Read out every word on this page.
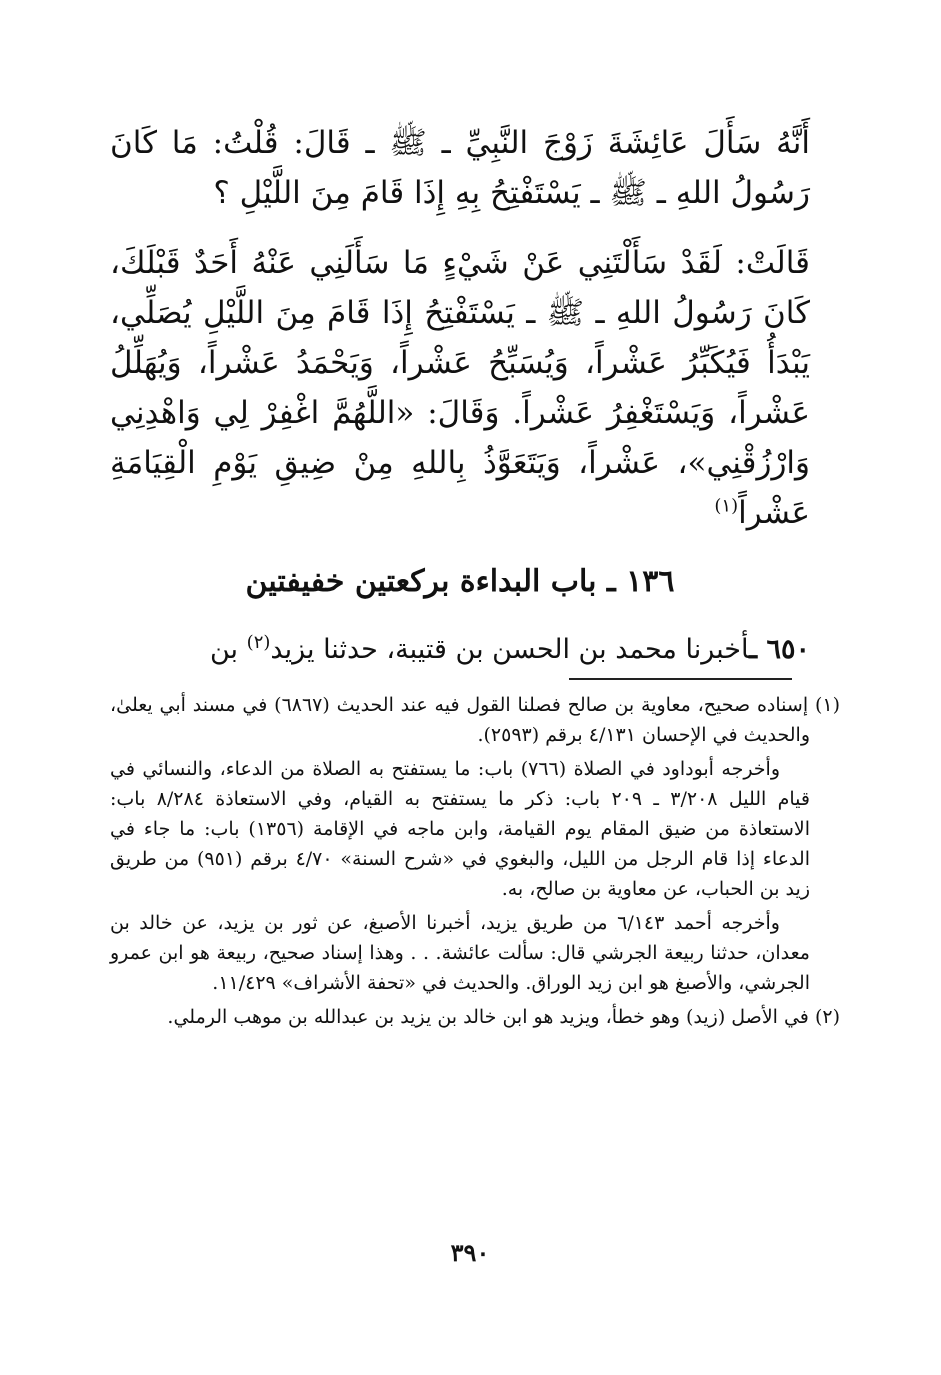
أَنَّهُ سَأَلَ عَائِشَةَ زَوْجَ النَّبِيِّ ـ ﷺ ـ قَالَ: قُلْتُ: مَا كَانَ رَسُولُ اللهِ ـ ﷺ ـ يَسْتَفْتِحُ بِهِ إِذَا قَامَ مِنَ اللَّيْلِ ؟
قَالَتْ: لَقَدْ سَأَلْتَنِي عَنْ شَيْءٍ مَا سَأَلَنِي عَنْهُ أَحَدٌ قَبْلَكَ، كَانَ رَسُولُ اللهِ ـ ﷺ ـ يَسْتَفْتِحُ إِذَا قَامَ مِنَ اللَّيْلِ يُصَلِّي، يَبْدَأُ فَيُكَبِّرُ عَشْراً، وَيُسَبِّحُ عَشْراً، وَيَحْمَدُ عَشْراً، وَيُهَلِّلُ عَشْراً، وَيَسْتَغْفِرُ عَشْراً. وَقَالَ: «اللَّهُمَّ اغْفِرْ لِي وَاهْدِنِي وَارْزُقْنِي»، عَشْراً، وَيَتَعَوَّذُ بِاللهِ مِنْ ضِيقِ يَوْمِ الْقِيَامَةِ عَشْراً$^{(١)}$
١٣٦ ـ باب البداءة بركعتين خفيفتين
٦٥٠ ـأخبرنا محمد بن الحسن بن قتيبة، حدثنا يزيد$^{(٢)}$ بن

(١) إسناده صحيح، معاوية بن صالح فصلنا القول فيه عند الحديث (٦٨٦٧) في مسند أبي يعلىٰ، والحديث في الإحسان ٤/١٣١ برقم (٢٥٩٣).

وأخرجه أبوداود في الصلاة (٧٦٦) باب: ما يستفتح به الصلاة من الدعاء، والنسائي في قيام الليل ٣/٢٠٨ ـ ٢٠٩ باب: ذكر ما يستفتح به القيام، وفي الاستعاذة ٨/٢٨٤ باب: الاستعاذة من ضيق المقام يوم القيامة، وابن ماجه في الإقامة (١٣٥٦) باب: ما جاء في الدعاء إذا قام الرجل من الليل، والبغوي في «شرح السنة» ٤/٧٠ برقم (٩٥١) من طريق زيد بن الحباب، عن معاوية بن صالح، به.

وأخرجه أحمد ٦/١٤٣ من طريق يزيد، أخبرنا الأصبغ، عن ثور بن يزيد، عن خالد بن معدان، حدثنا ربيعة الجرشي قال: سألت عائشة. . . وهذا إسناد صحيح، ربيعة هو ابن عمرو الجرشي، والأصبغ هو ابن زيد الوراق. والحديث في «تحفة الأشراف» ١١/٤٢٩.

(٢) في الأصل (زيد) وهو خطأ، ويزيد هو ابن خالد بن يزيد بن عبدالله بن موهب الرملي.

٣٩٠
